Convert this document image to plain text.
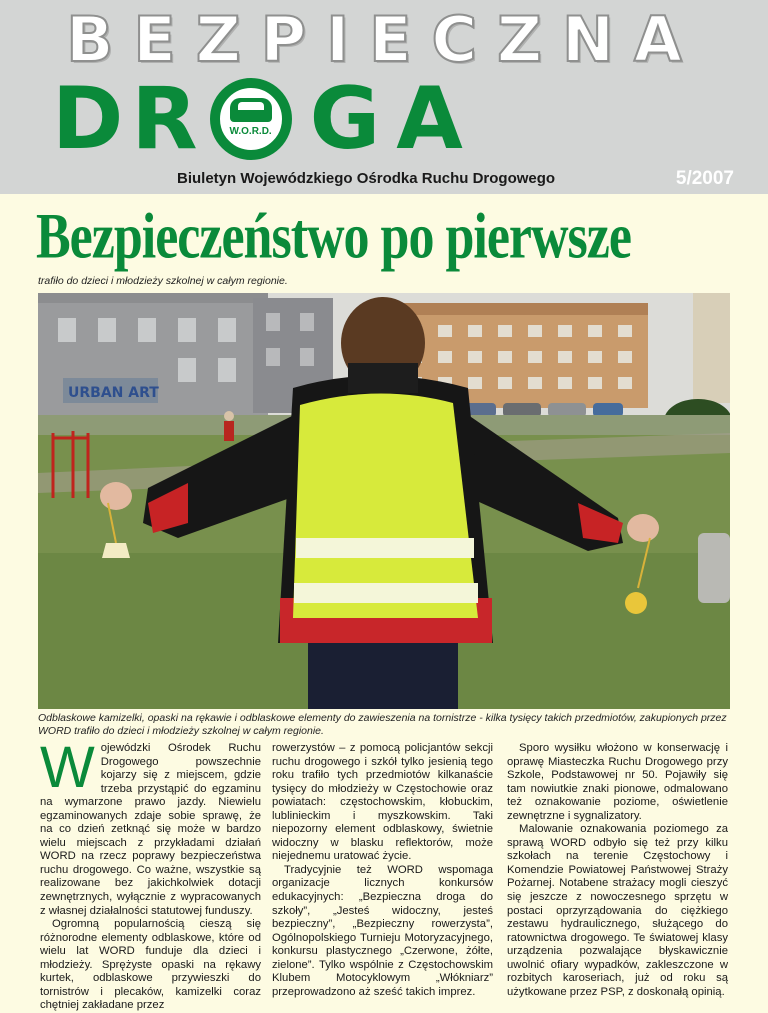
BEZPIECZNA
DR	W.O.R.D. GA
Biuletyn Wojewódzkiego Ośrodka Ruchu Drogowego	5/2007
Bezpieczeństwo po pierwsze
trafiło do dzieci i młodzieży szkolnej w całym regionie.
URBAN ART
Odblaskowe kamizelki, opaski na rękawie i odblaskowe elementy do zawieszenia na tornistrze - kilka tysięcy takich przedmiotów, zakupionych przez WORD trafiło do dzieci i młodzieży szkolnej w całym regionie.

Wojewódzki Ośrodek Ruchu Drogowego powszechnie kojarzy się z miejscem, gdzie trzeba przystąpić do egzaminu na wymarzone prawo jazdy. Niewielu egzaminowanych zdaje sobie sprawę, że na co dzień zetknąć się może w bardzo wielu miejscach z przykładami działań WORD na rzecz poprawy bezpieczeństwa ruchu drogowego. Co ważne, wszystkie są realizowane bez jakichkolwiek dotacji zewnętrznych, wyłącznie z wypracowanych z własnej działalności statutowej funduszy.

Ogromną popularnością cieszą się różnorodne elementy odblaskowe, które od wielu lat WORD funduje dla dzieci i młodzieży. Sprężyste opaski na rękawy kurtek, odblaskowe przywieszki do tornistrów i plecaków, kamizelki coraz chętniej zakładane przez

rowerzystów – z pomocą policjantów sekcji ruchu drogowego i szkół tylko jesienią tego roku trafiło tych przedmiotów kilkanaście tysięcy do młodzieży w Częstochowie oraz powiatach: częstochowskim, kłobuckim, lublinieckim i myszkowskim. Taki niepozorny element odblaskowy, świetnie widoczny w blasku reflektorów, może niejednemu uratować życie.

Tradycyjnie też WORD wspomaga organizacje licznych konkursów edukacyjnych: „Bezpieczna droga do szkoły”, „Jesteś widoczny, jesteś bezpieczny”, „Bezpieczny rowerzysta”, Ogólnopolskiego Turnieju Motoryzacyjnego, konkursu plastycznego „Czerwone, żółte, zielone”. Tylko wspólnie z Częstochowskim Klubem Motocyklowym „Włókniarz” przeprowadzono aż sześć takich imprez.

Sporo wysiłku włożono w konserwację i oprawę Miasteczka Ruchu Drogowego przy Szkole, Podstawowej nr 50. Pojawiły się tam nowiutkie znaki pionowe, odmalowano też oznakowanie poziome, oświetlenie zewnętrzne i sygnalizatory.

Malowanie oznakowania poziomego za sprawą WORD odbyło się też przy kilku szkołach na terenie Częstochowy i Komendzie Powiatowej Państwowej Straży Pożarnej. Notabene strażacy mogli cieszyć się jeszcze z nowoczesnego sprzętu w postaci oprzyrządowania do ciężkiego zestawu hydraulicznego, służącego do ratownictwa drogowego. Te światowej klasy urządzenia pozwalające błyskawicznie uwolnić ofiary wypadków, zakleszczone w rozbitych karoseriach, już od roku są użytkowane przez PSP, z doskonałą opinią.
